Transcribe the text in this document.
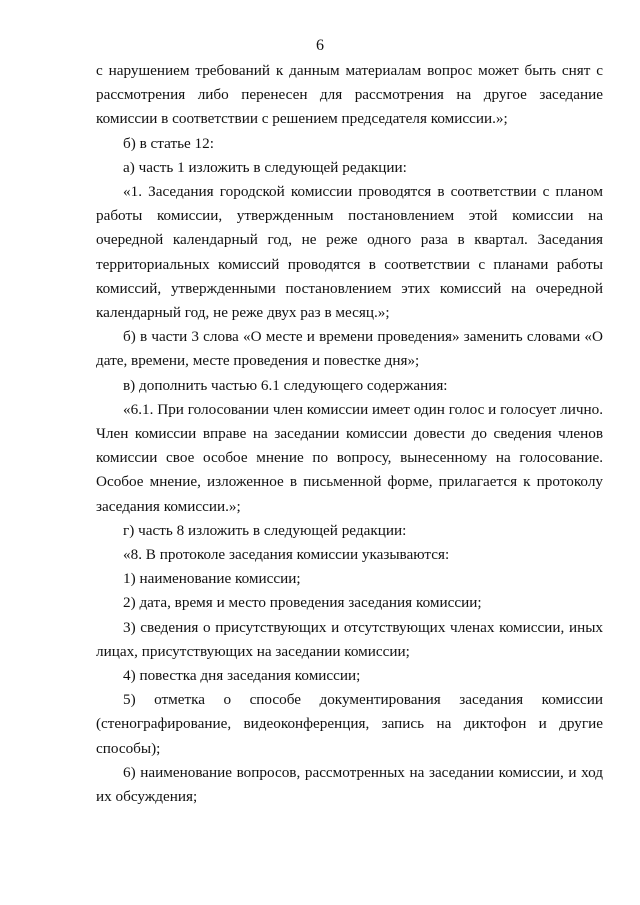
6

с нарушением требований к данным материалам вопрос может быть снят с рассмотрения либо перенесен для рассмотрения на другое заседание комиссии в соответствии с решением председателя комиссии.»;

б) в статье 12:

а) часть 1 изложить в следующей редакции:

«1. Заседания городской комиссии проводятся в соответствии с планом работы комиссии, утвержденным постановлением этой комиссии на очередной календарный год, не реже одного раза в квартал. Заседания территориальных комиссий проводятся в соответствии с планами работы комиссий, утвержденными постановлением этих комиссий на очередной календарный год, не реже двух раз в месяц.»;

б) в части 3 слова «О месте и времени проведения» заменить словами «О дате, времени, месте проведения и повестке дня»;

в) дополнить частью 6.1 следующего содержания:

«6.1. При голосовании член комиссии имеет один голос и голосует лично. Член комиссии вправе на заседании комиссии довести до сведения членов комиссии свое особое мнение по вопросу, вынесенному на голосование. Особое мнение, изложенное в письменной форме, прилагается к протоколу заседания комиссии.»;

г) часть 8 изложить в следующей редакции:

«8. В протоколе заседания комиссии указываются:

1) наименование комиссии;

2) дата, время и место проведения заседания комиссии;

3) сведения о присутствующих и отсутствующих членах комиссии, иных лицах, присутствующих на заседании комиссии;

4) повестка дня заседания комиссии;

5) отметка о способе документирования заседания комиссии (стенографирование, видеоконференция, запись на диктофон и другие способы);

6) наименование вопросов, рассмотренных на заседании комиссии, и ход их обсуждения;
